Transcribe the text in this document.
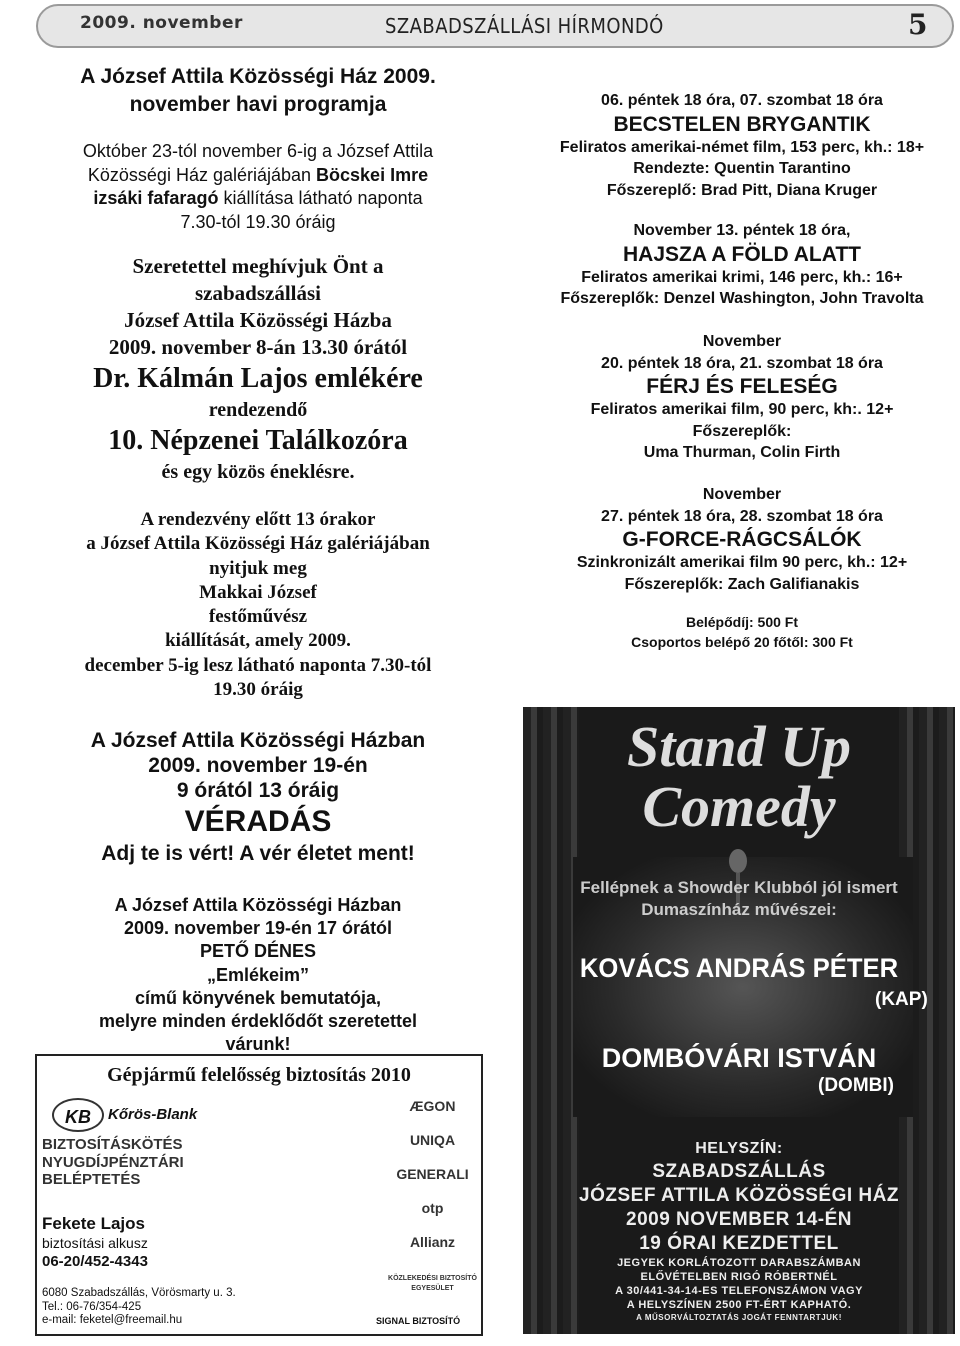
2009. november	SZABADSZÁLLÁSI HÍRMONDÓ	5
A József Attila Közösségi Ház 2009.
november havi programja
Október 23-tól november 6-ig a József Attila
Közösségi Ház galériájában Böcskei Imre
izsáki fafaragó kiállítása látható naponta
7.30-tól 19.30 óráig
Szeretettel meghívjuk Önt a
szabadszállási
József Attila Közösségi Házba
2009. november 8-án 13.30 órától
Dr. Kálmán Lajos emlékére
rendezendő
10. Népzenei Találkozóra
és egy közös éneklésre.
A rendezvény előtt 13 órakor
a József Attila Közösségi Ház galériájában
nyitjuk meg
Makkai József
festőművész
kiállítását, amely 2009.
december 5-ig lesz látható naponta 7.30-tól
19.30 óráig
A József Attila Közösségi Házban
2009. november 19-én
9 órától 13 óráig
VÉRADÁS
Adj te is vért! A vér életet ment!
A József Attila Közösségi Házban
2009. november 19-én 17 órától
PETŐ DÉNES
„Emlékeim”
című könyvének bemutatója,
melyre minden érdeklődőt szeretettel
várunk!
Gépjármű felelősség biztosítás 2010
KB	Kőrös-Blank
BIZTOSÍTÁSKÖTÉS
NYUGDÍJPÉNZTÁRI
BELÉPTETÉS
Fekete Lajos
biztosítási alkusz
06-20/452-4343
6080 Szabadszállás, Vörösmarty u. 3.
Tel.: 06-76/354-425
e-mail: feketel@freemail.hu
ÆGON
UNIQA
GENERALI
otp
Allianz
KÖZLEKEDÉSI BIZTOSÍTÓ EGYESÜLET
SIGNAL BIZTOSÍTÓ
06. péntek 18 óra, 07. szombat 18 óra
BECSTELEN BRYGANTIK
Feliratos amerikai-német film, 153 perc, kh.: 18+
Rendezte: Quentin Tarantino
Főszereplő: Brad Pitt, Diana Kruger
November 13. péntek 18 óra,
HAJSZA A FÖLD ALATT
Feliratos amerikai krimi, 146 perc, kh.: 16+
Főszereplők: Denzel Washington, John Travolta
November
20. péntek 18 óra, 21. szombat 18 óra
FÉRJ ÉS FELESÉG
Feliratos amerikai film, 90 perc, kh:. 12+
Főszereplők:
Uma Thurman, Colin Firth
November
27. péntek 18 óra, 28. szombat 18 óra
G-FORCE-RÁGCSÁLÓK
Szinkronizált amerikai film 90 perc, kh.: 12+
Főszereplők: Zach Galifianakis
Belépődíj: 500 Ft
Csoportos belépő 20 főtől: 300 Ft
Stand Up
Comedy
Fellépnek a Showder Klubból jól ismert
Dumaszínház művészei:
KOVÁCS ANDRÁS PÉTER
(KAP)
DOMBÓVÁRI ISTVÁN
(DOMBI)
HELYSZÍN:
SZABADSZÁLLÁS
JÓZSEF ATTILA KÖZÖSSÉGI HÁZ
2009 NOVEMBER 14-ÉN
19 ÓRAI KEZDETTEL
JEGYEK KORLÁTOZOTT DARABSZÁMBAN
ELŐVÉTELBEN RIGÓ RÓBERTNÉL
A 30/441-34-14-ES TELEFONSZÁMON VAGY
A HELYSZÍNEN 2500 FT-ÉRT KAPHATÓ.
A MŰSORVÁLTOZTATÁS JOGÁT FENNTARTJUK!
